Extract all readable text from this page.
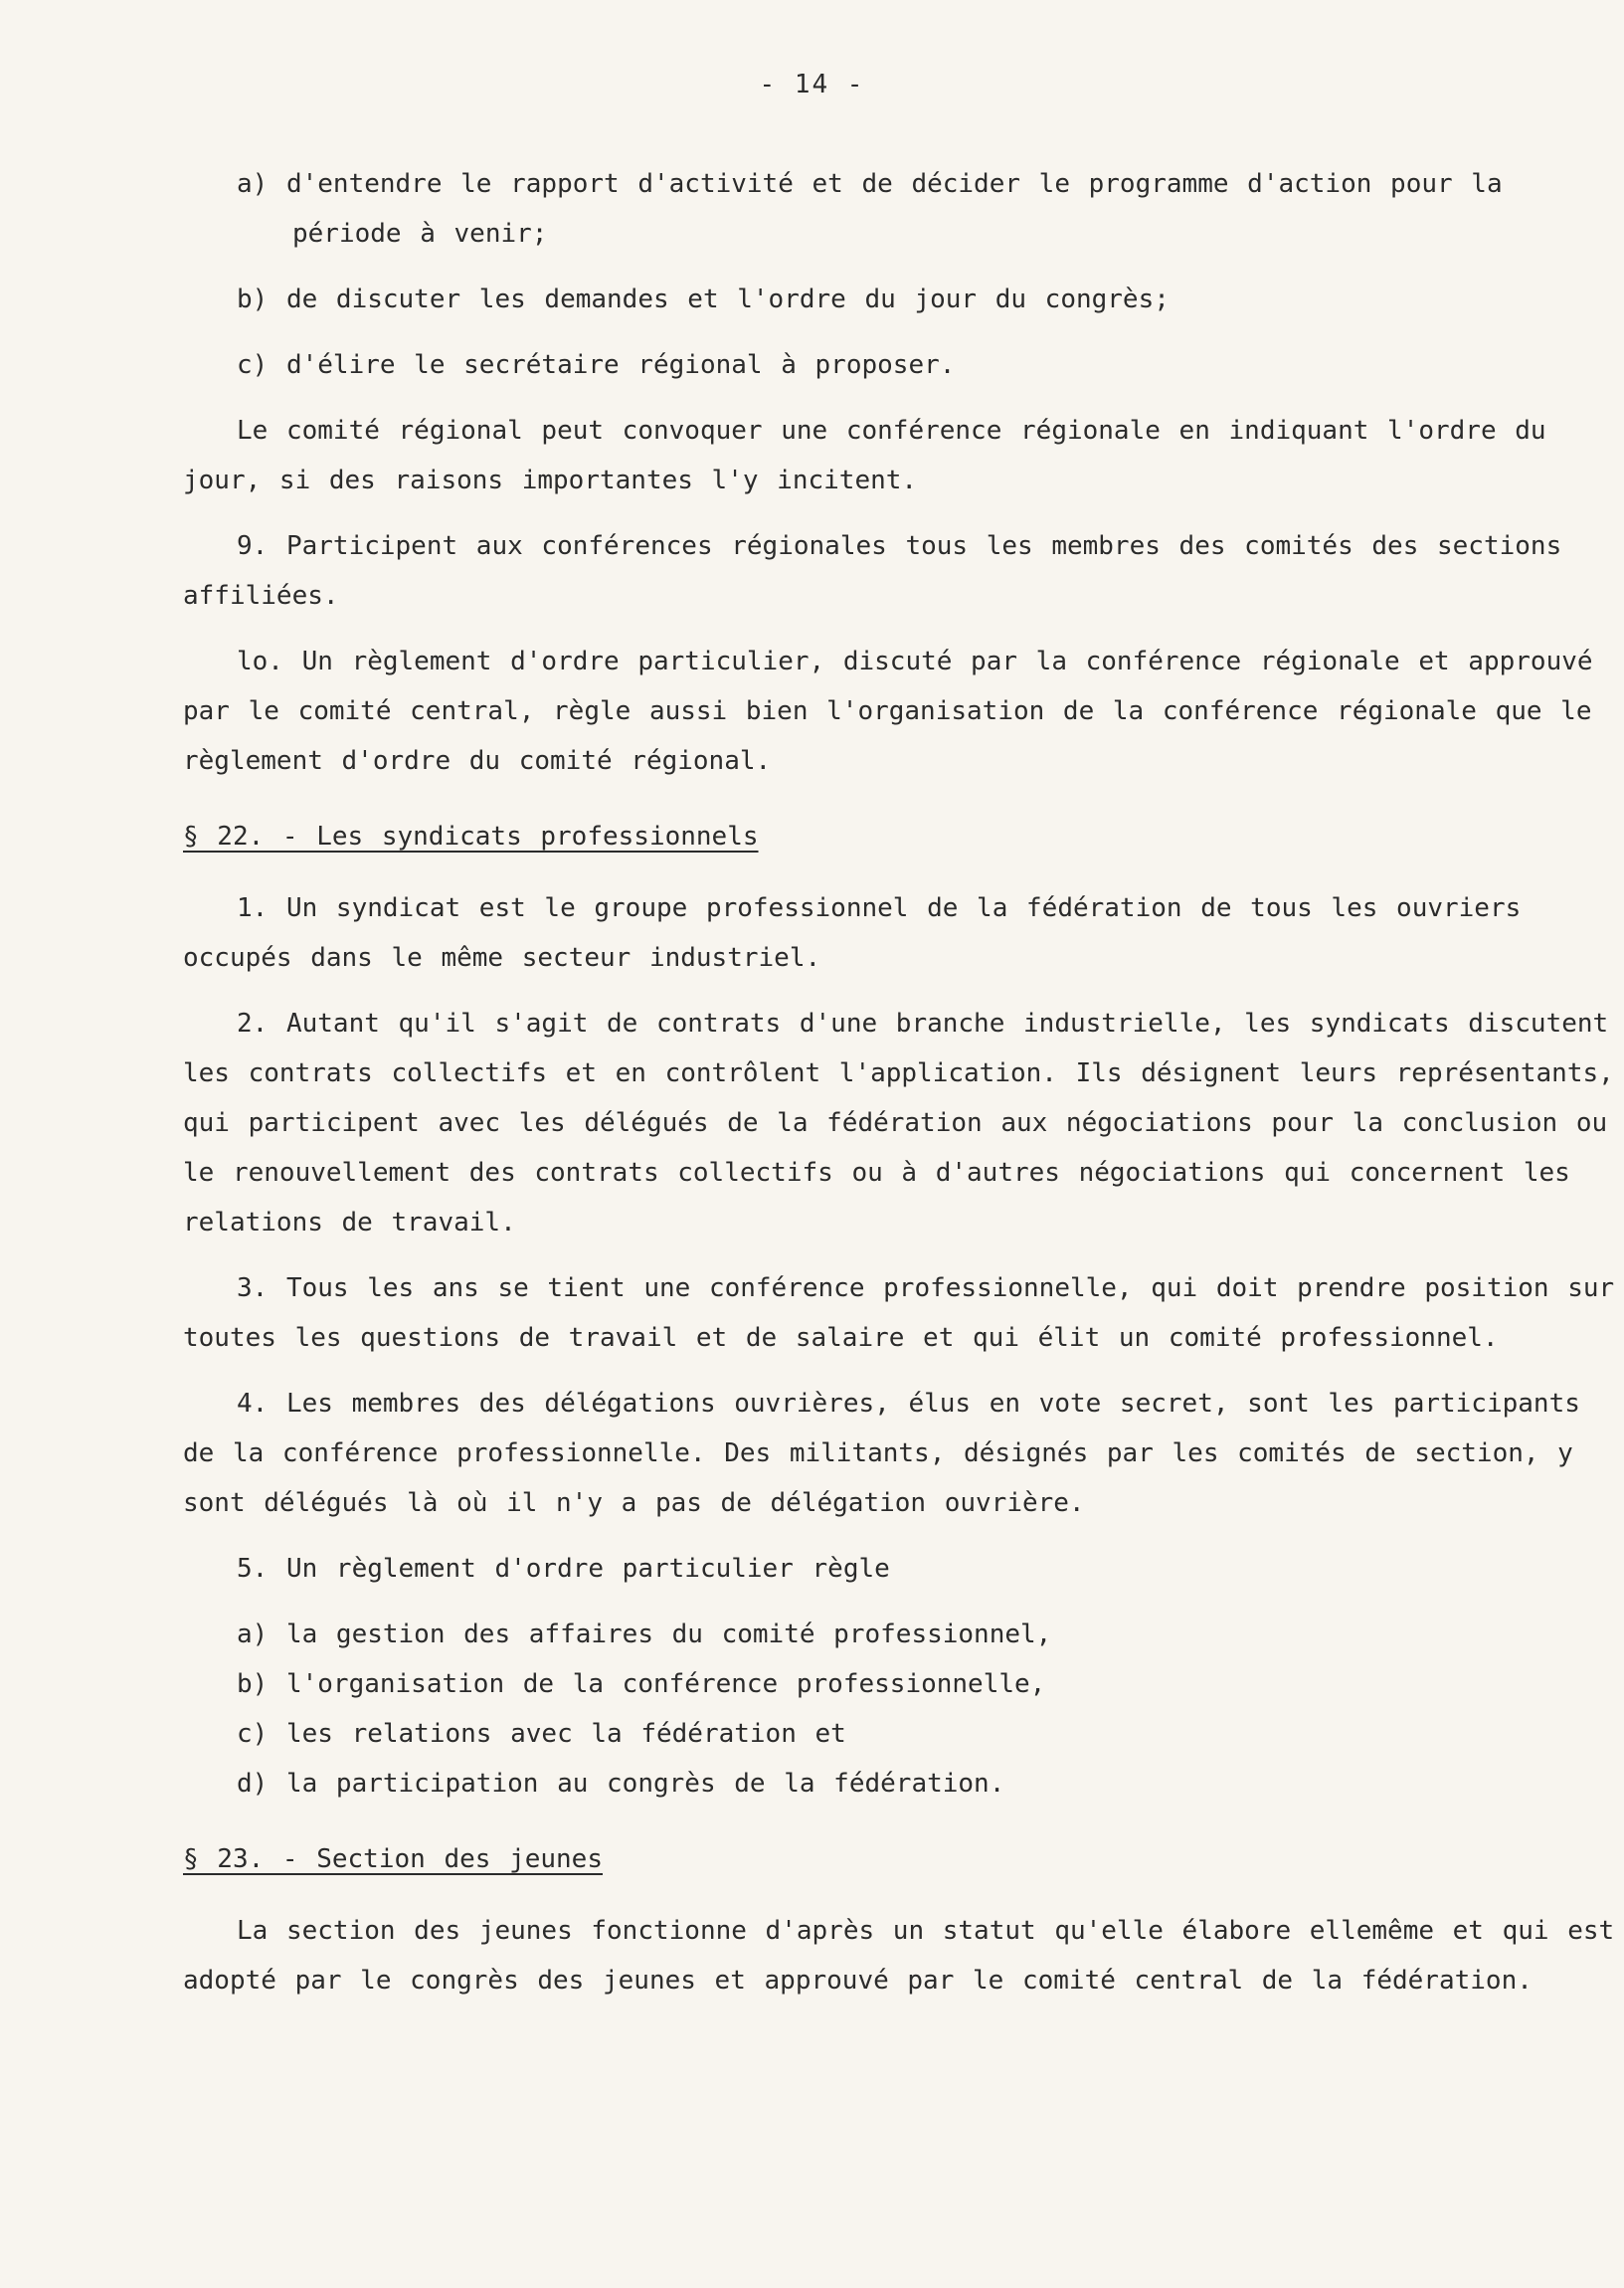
- 14 -

a) d'entendre le rapport d'activité et de décider le programme d'action pour la période à venir;

b) de discuter les demandes et l'ordre du jour du congrès;

c) d'élire le secrétaire régional à proposer.

Le comité régional peut convoquer une conférence régionale en indiquant l'ordre du jour, si des raisons importantes l'y incitent.

9. Participent aux conférences régionales tous les membres des comités des sections affiliées.

lo. Un règlement d'ordre particulier, discuté par la conférence régionale et approuvé par le comité central, règle aussi bien l'organisation de la conférence régionale que le règlement d'ordre du comité régional.

§ 22. - Les syndicats professionnels

1. Un syndicat est le groupe professionnel de la fédération de tous les ouvriers occupés dans le même secteur industriel.

2. Autant qu'il s'agit de contrats d'une branche industrielle, les syndicats discutent les contrats collectifs et en contrôlent l'application. Ils désignent leurs représentants, qui participent avec les délégués de la fédération aux négociations pour la conclusion ou le renouvellement des contrats collectifs ou à d'autres négociations qui concernent les relations de travail.

3. Tous les ans se tient une conférence professionnelle, qui doit prendre position sur toutes les questions de travail et de salaire et qui élit un comité professionnel.

4. Les membres des délégations ouvrières, élus en vote secret, sont les participants de la conférence professionnelle. Des militants, désignés par les comités de section, y sont délégués là où il n'y a pas de délégation ouvrière.

5. Un règlement d'ordre particulier règle

a) la gestion des affaires du comité professionnel,

b) l'organisation de la conférence professionnelle,

c) les relations avec la fédération et

d) la participation au congrès de la fédération.

§ 23. - Section des jeunes

La section des jeunes fonctionne d'après un statut qu'elle élabore ellemême et qui est adopté par le congrès des jeunes et approuvé par le comité central de la fédération.
